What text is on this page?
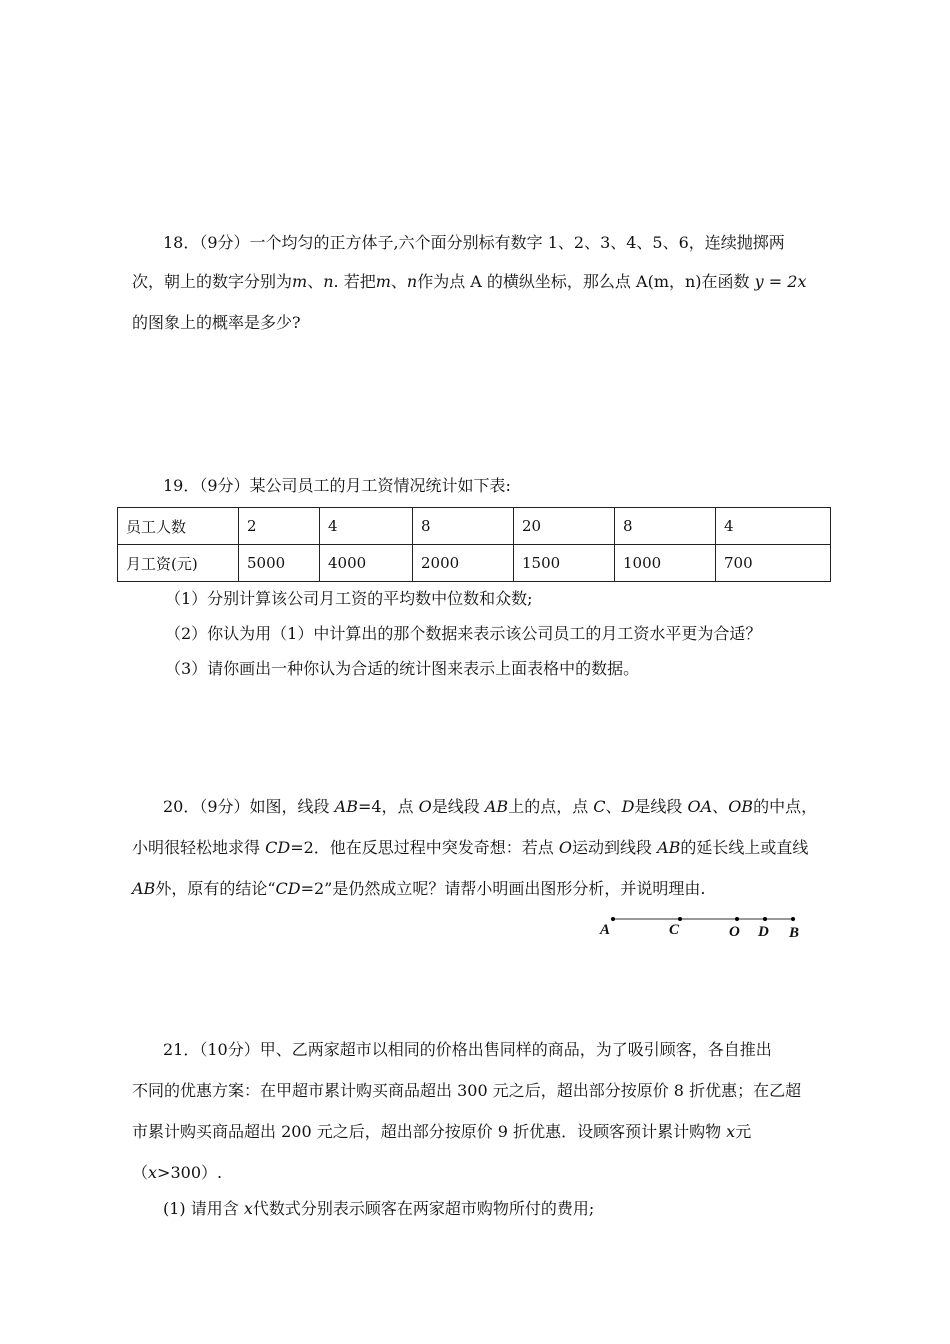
18．（9分）一个均匀的正方体子,六个面分别标有数字 1、2、3、4、5、6，连续抛掷两
次，朝上的数字分别为m、n. 若把m、n作为点 A 的横纵坐标，那么点 A(m，n)在函数 y = 2x
的图象上的概率是多少?
19．（9分）某公司员工的月工资情况统计如下表:
员工人数	2	4	8	20	8	4
月工资(元)	5000	4000	2000	1500	1000	700
（1）分别计算该公司月工资的平均数中位数和众数;
（2）你认为用（1）中计算出的那个数据来表示该公司员工的月工资水平更为合适？
（3）请你画出一种你认为合适的统计图来表示上面表格中的数据。
20．（9分）如图，线段 AB=4，点 O是线段 AB上的点，点 C、D是线段 OA、OB的中点，
小明很轻松地求得 CD=2．他在反思过程中突发奇想：若点 O运动到线段 AB的延长线上或直线
AB外，原有的结论“CD=2”是仍然成立呢？请帮小明画出图形分析，并说明理由.
A	C	O D B
21．（10分）甲、乙两家超市以相同的价格出售同样的商品，为了吸引顾客，各自推出
不同的优惠方案：在甲超市累计购买商品超出 300 元之后，超出部分按原价 8 折优惠；在乙超
市累计购买商品超出 200 元之后，超出部分按原价 9 折优惠．设顾客预计累计购物 x元
（x>300）.
(1) 请用含 x代数式分别表示顾客在两家超市购物所付的费用;
